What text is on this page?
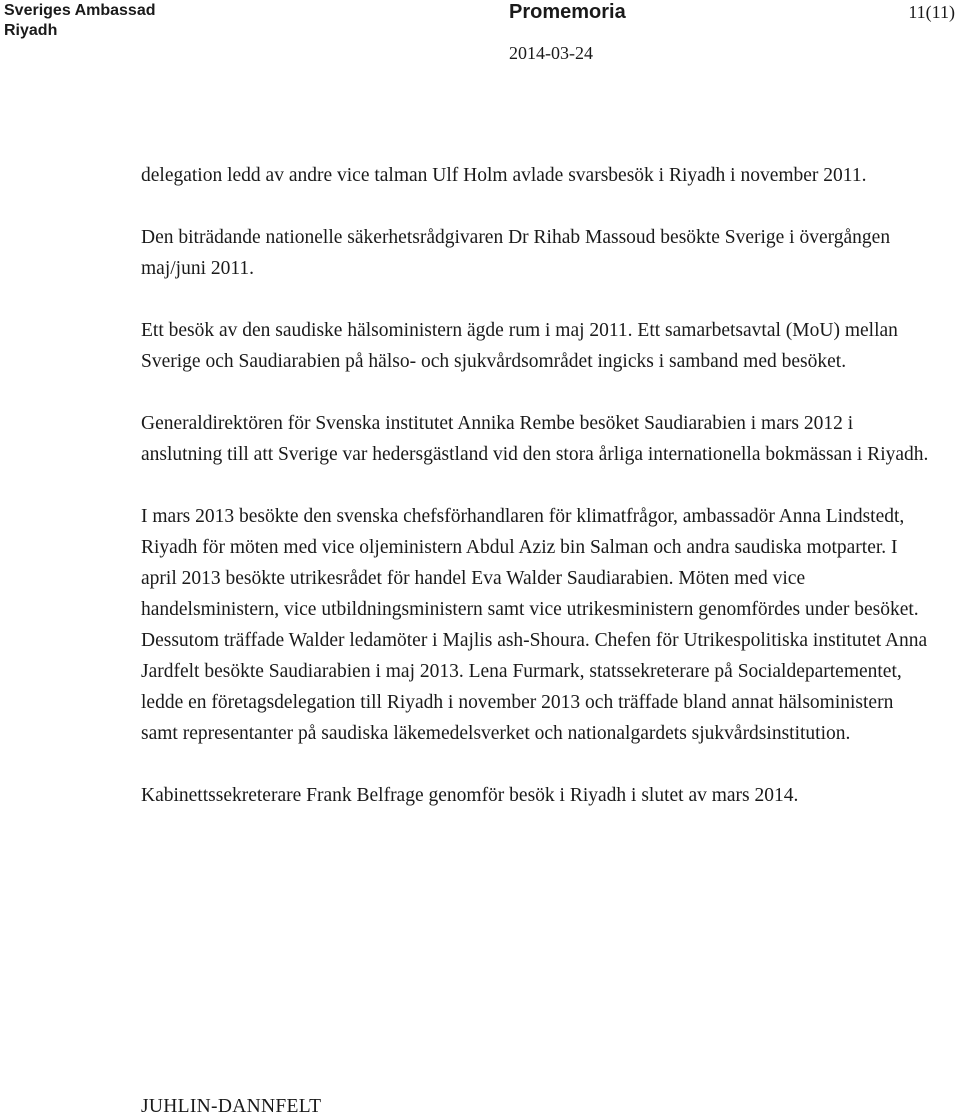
Sveriges Ambassad
Riyadh
Promemoria	11(11)
2014-03-24

delegation ledd av andre vice talman Ulf Holm avlade svarsbesök i Riyadh i november 2011.

Den biträdande nationelle säkerhetsrådgivaren Dr Rihab Massoud besökte Sverige i övergången maj/juni 2011.

Ett besök av den saudiske hälsoministern ägde rum i maj 2011. Ett samarbetsavtal (MoU) mellan Sverige och Saudiarabien på hälso- och sjukvårdsområdet ingicks i samband med besöket.

Generaldirektören för Svenska institutet Annika Rembe besöket Saudiarabien i mars 2012 i anslutning till att Sverige var hedersgästland vid den stora årliga internationella bokmässan i Riyadh.

I mars 2013 besökte den svenska chefsförhandlaren för klimatfrågor, ambassadör Anna Lindstedt, Riyadh för möten med vice oljeministern Abdul Aziz bin Salman och andra saudiska motparter. I april 2013 besökte utrikesrådet för handel Eva Walder Saudiarabien. Möten med vice handelsministern, vice utbildningsministern samt vice utrikesministern genomfördes under besöket. Dessutom träffade Walder ledamöter i Majlis ash-Shoura. Chefen för Utrikespolitiska institutet Anna Jardfelt besökte Saudiarabien i maj 2013. Lena Furmark, statssekreterare på Socialdepartementet, ledde en företagsdelegation till Riyadh i november 2013 och träffade bland annat hälsoministern samt representanter på saudiska läkemedelsverket och nationalgardets sjukvårdsinstitution.

Kabinettssekreterare Frank Belfrage genomför besök i Riyadh i slutet av mars 2014.

JUHLIN-DANNFELT
